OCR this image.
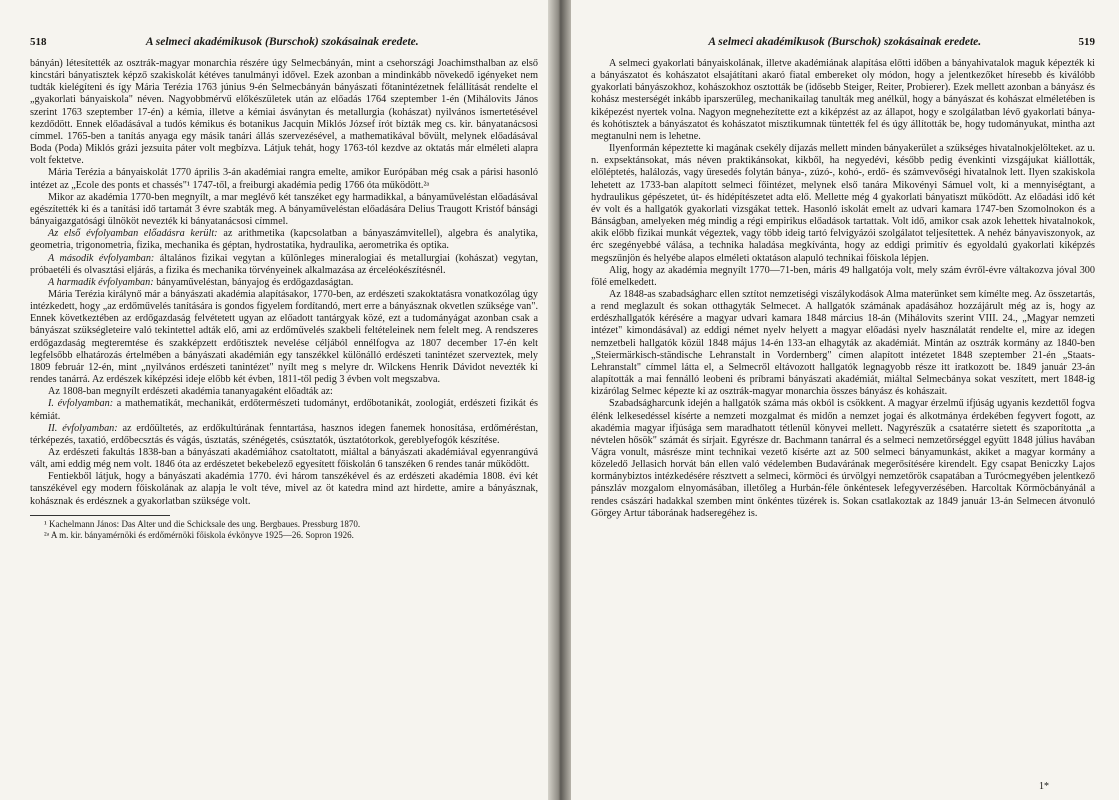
518	A selmeci akadémikusok (Burschok) szokásainak eredete.

bányán) létesítették az osztrák-magyar monarchia részére úgy Selmecbányán, mint a csehországi Joachimsthalban az első kincstári bányatisztek képző szakiskolát kétéves tanulmányi idővel. Ezek azonban a mindinkább növekedő igényeket nem tudták kielégíteni és így Mária Terézia 1763 június 9-én Selmecbányán bányászati főtanintézetnek felállítását rendelte el „gyakorlati bányaiskola" néven. Nagyobbmérvű előkészületek után az előadás 1764 szeptember 1-én (Mihálovits János szerint 1763 szeptember 17-én) a kémia, illetve a kémiai ásványtan és metallurgia (kohászat) nyilvános ismertetésével kezdődött. Ennek előadásával a tudós kémikus és botanikus Jacquin Miklós József írót bízták meg cs. kir. bányatanácsosi címmel. 1765-ben a tanítás anyaga egy másik tanári állás szervezésével, a mathematikával bővült, melynek előadásával Boda (Poda) Miklós grázi jezsuita páter volt megbízva. Látjuk tehát, hogy 1763-tól kezdve az oktatás már elméleti alapra volt fektetve.

Mária Terézia a bányaiskolát 1770 április 3-án akadémiai rangra emelte, amikor Európában még csak a párisi hasonló intézet az „Ecole des ponts et chassés"¹ 1747-től, a freiburgi akadémia pedig 1766 óta működött.²ᵃ

Mikor az akadémia 1770-ben megnyílt, a mar meglévő két tanszéket egy harmadikkal, a bányaműveléstan előadásával egészítették ki és a tanítási idő tartamát 3 évre szabták meg. A bányaműveléstan előadására Delius Traugott Kristóf bánsági bányaigazgatósági ülnököt nevezték ki bányatanácsosi címmel.

Az első évfolyamban előadásra került: az arithmetika (kapcsolatban a bányaszámvitellel), algebra és analytika, geometria, trigonometria, fizika, mechanika és géptan, hydrostatika, hydraulika, aerometrika és optika.

A második évfolyamban: általános fizikai vegytan a különleges mineralogiai és metallurgiai (kohászat) vegytan, próbaetéli és olvasztási eljárás, a fizika és mechanika törvényeinek alkalmazása az érceléokészítésnél.

A harmadik évfolyamban: bányaműveléstan, bányajog és erdőgazdaságtan.

Mária Terézia királynő már a bányászati akadémia alapításakor, 1770-ben, az erdészeti szakoktatásra vonatkozólag úgy intézkedett, hogy „az erdőművelés tanítására is gondos figyelem fordítandó, mert erre a bányásznak okvetlen szüksége van". Ennek következtében az erdőgazdaság felvétetett ugyan az előadott tantárgyak közé, ezt a tudományágat azonban csak a bányászat szükségleteire való tekintettel adták elő, ami az erdőművelés szakbeli feltételeinek nem felelt meg. A rendszeres erdőgazdaság megteremtése és szakképzett erdőtisztek nevelése céljából ennélfogva az 1807 december 17-én kelt legfelsőbb elhatározás értelmében a bányászati akadémián egy tanszékkel különálló erdészeti tanintézet szerveztek, mely 1809 február 12-én, mint „nyilvános erdészeti tanintézet" nyílt meg s melyre dr. Wilckens Henrik Dávidot nevezték ki rendes tanárrá. Az erdészek kiképzési ideje előbb két évben, 1811-től pedig 3 évben volt megszabva.

Az 1808-ban megnyílt erdészeti akadémia tananyagaként előadták az:

I. évfolyamban: a mathematikát, mechanikát, erdőtermészeti tudományt, erdőbotanikát, zoologiát, erdészeti fizikát és kémiát.

II. évfolyamban: az erdőültetés, az erdőkultúrának fenntartása, hasznos idegen fanemek honosítása, erdőméréstan, térképezés, taxatió, erdőbecsztás és vágás, úsztatás, szénégetés, csúsztatók, úsztatótorkok, gereblyefogók készítése.

Az erdészeti fakultás 1838-ban a bányászati akadémiához csatoltatott, miáltal a bányászati akadémiával egyenrangúvá vált, ami eddig még nem volt. 1846 óta az erdészetet bekebelező egyesített főiskolán 6 tanszéken 6 rendes tanár működött.

Fentiekből látjuk, hogy a bányászati akadémia 1770. évi három tanszékével és az erdészeti akadémia 1808. évi két tanszékével egy modern főiskolának az alapja le volt téve, mivel az öt katedra mind azt hirdette, amire a bányásznak, kohásznak és erdésznek a gyakorlatban szüksége volt.

¹ Kachelmann János: Das Alter und die Schicksale des ung. Bergbaues. Pressburg 1870.
²ᵃ A m. kir. bányamérnöki és erdőmérnöki főiskola évkönyve 1925—26. Sopron 1926.
A selmeci akadémikusok (Burschok) szokásainak eredete.	519

A selmeci gyakorlati bányaiskolának, illetve akadémiának alapítása előtti időben a bányahivatalok maguk képezték ki a bányászatot és kohászatot elsajátítani akaró fiatal embereket oly módon, hogy a jelentkezőket híresebb és kiválóbb gyakorlati bányászokhoz, kohászokhoz osztották be (idősebb Steiger, Reiter, Probierer). Ezek mellett azonban a bányász és kohász mesterségét inkább iparszerűleg, mechanikailag tanulták meg anélkül, hogy a bányászat és kohászat elméletében is kiképezést nyertek volna. Nagyon megnehezítette ezt a kiképzést az az állapot, hogy e szolgálatban lévő gyakorlati bánya- és kohótisztek a bányászatot és kohászatot misztikumnak tüntették fel és úgy állították be, hogy tudományukat, mintha azt megtanulni nem is lehetne.

Ilyenformán képeztette ki magának csekély díjazás mellett minden bányakerület a szükséges hivatalnokjelölteket. az u. n. expsektánsokat, más néven praktikánsokat, kikből, ha negyedévi, később pedig évenkinti vizsgájukat kiállották, előléptetés, halálozás, vagy üresedés folytán bánya-, zúzó-, kohó-, erdő- és számvevőségi hivatalnok lett. Ilyen szakiskola lehetett az 1733-ban alapított selmeci főintézet, melynek első tanára Mikovényi Sámuel volt, ki a mennyiségtant, a hydraulikus gépészetet, út- és hídépítészetet adta elő. Mellette még 4 gyakorlati bányatiszt működött. Az előadási idő két év volt és a hallgatók gyakorlati vizsgákat tettek. Hasonló iskolát emelt az udvari kamara 1747-ben Szomolnokon és a Bánságban, amelyeken még mindig a régi empirikus előadások tartattak. Volt idő, amikor csak azok lehettek hivatalnokok, akik előbb fizikai munkát végeztek, vagy több ideig tartó felvigyázói szolgálatot teljesítettek. A nehéz bányaviszonyok, az érc szegényebbé válása, a technika haladása megkívánta, hogy az eddigi primitív és egyoldalú gyakorlati kiképzés megszűnjön és helyébe alapos elméleti oktatáson alapuló technikai főiskola lépjen.

Alig, hogy az akadémia megnyílt 1770—71-ben, máris 49 hallgatója volt, mely szám évről-évre váltakozva jóval 300 fölé emelkedett.

Az 1848-as szabadságharc ellen sztítot nemzetiségi viszálykodások Alma materünket sem kímélte meg. Az összetartás, a rend meglazult és sokan otthagyták Selmecet. A hallgatók számának apadásához hozzájárult még az is, hogy az erdészhallgatók kérésére a magyar udvari kamara 1848 március 18-án (Mihálovits szerint VIII. 24., „Magyar nemzeti intézet" kimondásával) az eddigi német nyelv helyett a magyar előadási nyelv használatát rendelte el, mire az idegen nemzetbeli hallgatók közül 1848 május 14-én 133-an elhagyták az akadémiát. Mintán az osztrák kormány az 1840-ben „Steiermärkisch-ständische Lehranstalt in Vordernberg" címen alapított intézetet 1848 szeptember 21-én „Staats-Lehranstalt" címmel látta el, a Selmecről eltávozott hallgatók legnagyobb része itt iratkozott be. 1849 január 23-án alapították a mai fennálló leobeni és príbrami bányászati akadémiát, miáltal Selmecbánya sokat veszített, mert 1848-ig kizárólag Selmec képezte ki az osztrák-magyar monarchia összes bányász és kohászait.

Szabadságharcunk idején a hallgatók száma más okból is csökkent. A magyar érzelmű ifjúság ugyanis kezdettől fogva élénk lelkesedéssel kísérte a nemzeti mozgalmat és midőn a nemzet jogai és alkotmánya érdekében fegyvert fogott, az akadémia magyar ifjúsága sem maradhatott tétlenül könyvei mellett. Nagyrészük a csatatérre sietett és szaporította „a névtelen hősök" számát és sírjait. Egyrésze dr. Bachmann tanárral és a selmeci nemzetőrséggel együtt 1848 július havában Vágra vonult, másrésze mint technikai vezető kísérte azt az 500 selmeci bányamunkást, akiket a magyar kormány a közeledő Jellasich horvát bán ellen való védelemben Budavárának megerősítésére kirendelt. Egy csapat Beniczky Lajos kormánybiztos intézkedésére résztvett a selmeci, körmöci és úrvölgyi nemzetőrök csapatában a Turócmegyében jelentkező pánszláv mozgalom elnyomásában, illetőleg a Hurbán-féle önkéntesek lefegyverzésében. Harcoltak Körmöcbányánál a rendes császári hadakkal szemben mint önkéntes tüzérek is. Sokan csatlakoztak az 1849 január 13-án Selmecen átvonuló Görgey Artur táborának hadseregéhez is.

1*
